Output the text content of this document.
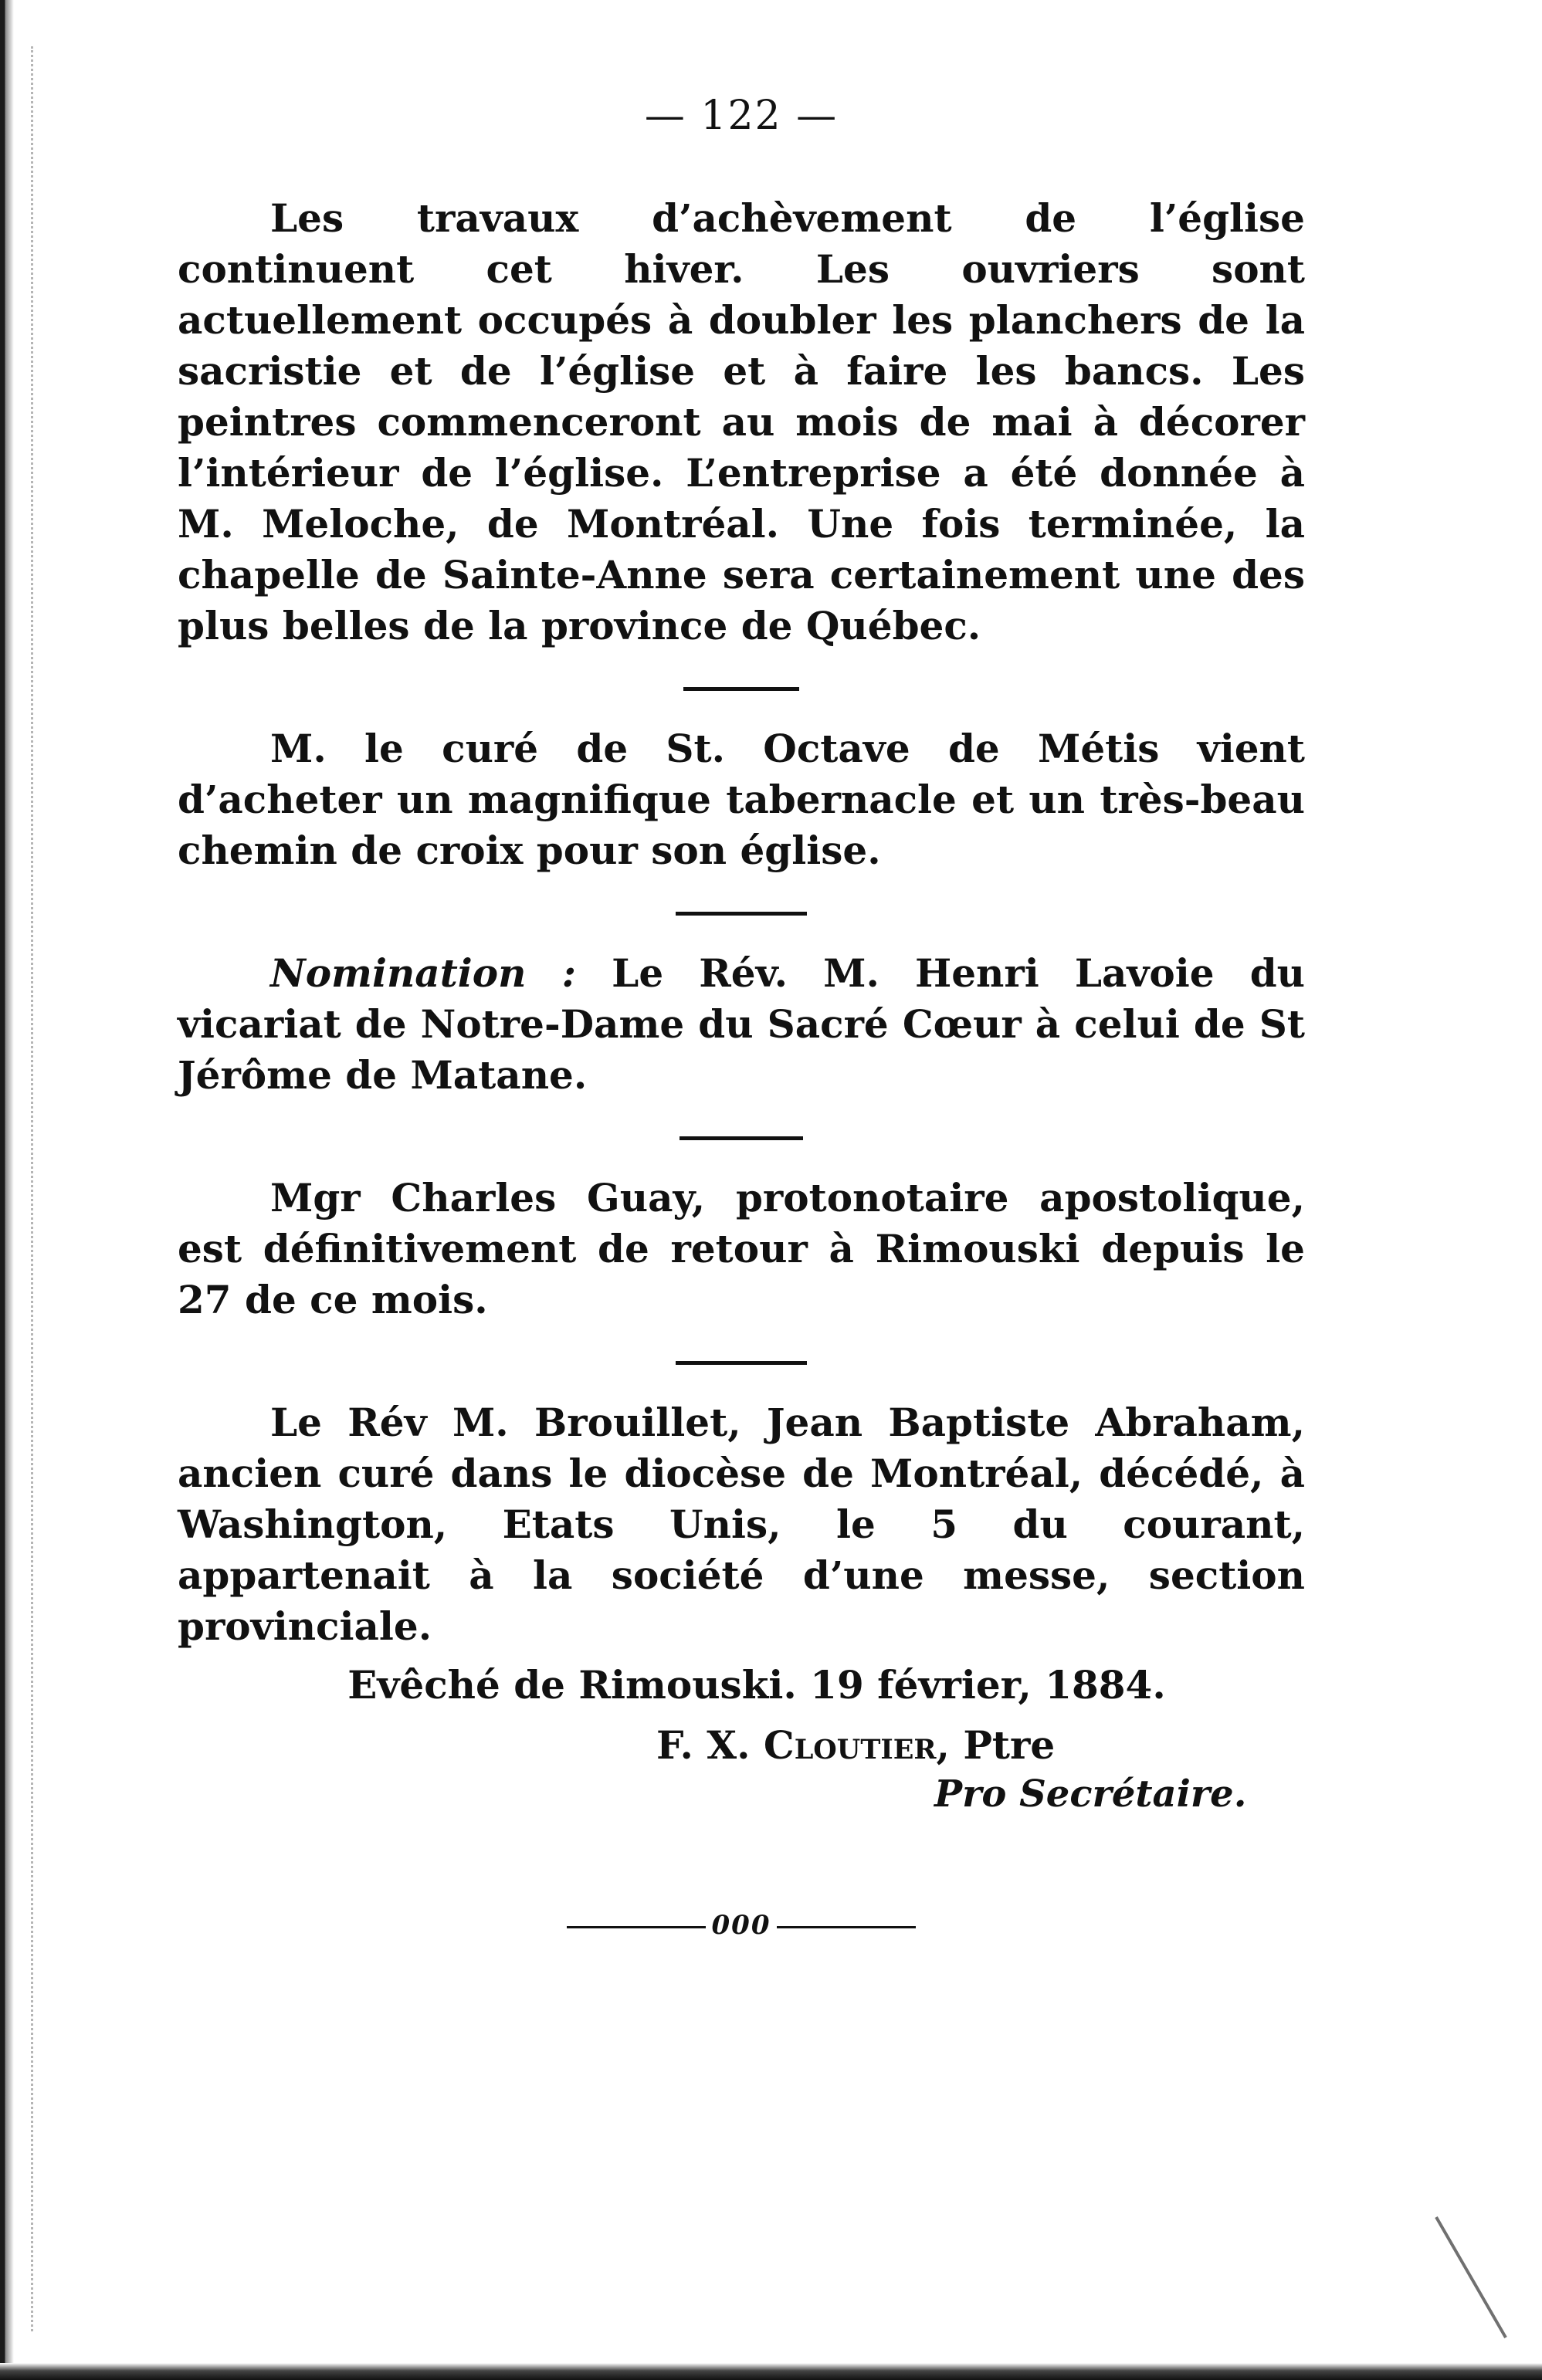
— 122 —

Les travaux d’achèvement de l’église continuent cet hiver. Les ouvriers sont actuellement occupés à doubler les planchers de la sacristie et de l’église et à faire les bancs. Les peintres commenceront au mois de mai à décorer l’intérieur de l’église. L’entreprise a été donnée à M. Meloche, de Montréal. Une fois terminée, la chapelle de Sainte-Anne sera certainement une des plus belles de la province de Québec.

M. le curé de St. Octave de Métis vient d’acheter un magnifique tabernacle et un très-beau chemin de croix pour son église.

Nomination : Le Rév. M. Henri Lavoie du vicariat de Notre-Dame du Sacré Cœur à celui de St Jérôme de Matane.

Mgr Charles Guay, protonotaire apostolique, est définitivement de retour à Rimouski depuis le 27 de ce mois.

Le Rév M. Brouillet, Jean Baptiste Abraham, ancien curé dans le diocèse de Montréal, décédé, à Washington, Etats Unis, le 5 du courant, appartenait à la société d’une messe, section provinciale.

Evêché de Rimouski. 19 février, 1884.
F. X. Cloutier, Ptre
Pro Secrétaire.
000
